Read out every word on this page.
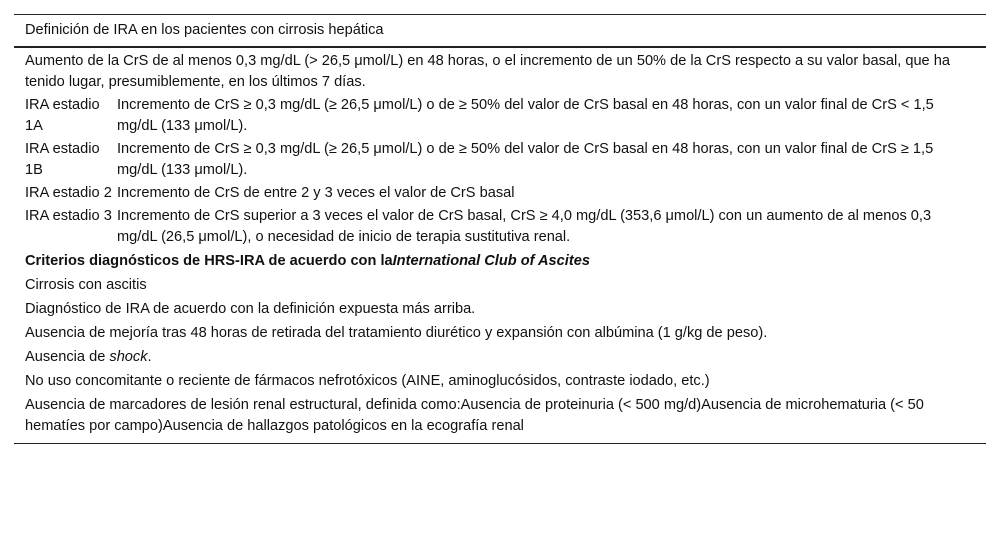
Definición de IRA en los pacientes con cirrosis hepática
Aumento de la CrS de al menos 0,3 mg/dL (> 26,5 μmol/L) en 48 horas, o el incremento de un 50% de la CrS respecto a su valor basal, que ha tenido lugar, presumiblemente, en los últimos 7 días.
IRA estadio 1A
Incremento de CrS ≥ 0,3 mg/dL (≥ 26,5 μmol/L) o de ≥ 50% del valor de CrS basal en 48 horas, con un valor final de CrS < 1,5 mg/dL (133 μmol/L).
IRA estadio 1B
Incremento de CrS ≥ 0,3 mg/dL (≥ 26,5 μmol/L) o de ≥ 50% del valor de CrS basal en 48 horas, con un valor final de CrS ≥ 1,5 mg/dL (133 μmol/L).
IRA estadio 2 Incremento de CrS de entre 2 y 3 veces el valor de CrS basal
IRA estadio 3 Incremento de CrS superior a 3 veces el valor de CrS basal, CrS ≥ 4,0 mg/dL (353,6 μmol/L) con un aumento de al menos 0,3 mg/dL (26,5 μmol/L), o necesidad de inicio de terapia sustitutiva renal.
Criterios diagnósticos de HRS-IRA de acuerdo con laInternational Club of Ascites
Cirrosis con ascitis
Diagnóstico de IRA de acuerdo con la definición expuesta más arriba.
Ausencia de mejoría tras 48 horas de retirada del tratamiento diurético y expansión con albúmina (1 g/kg de peso).
Ausencia de shock.
No uso concomitante o reciente de fármacos nefrotóxicos (AINE, aminoglucósidos, contraste iodado, etc.)
Ausencia de marcadores de lesión renal estructural, definida como:Ausencia de proteinuria (< 500 mg/d)Ausencia de microhematuria (< 50 hematíes por campo)Ausencia de hallazgos patológicos en la ecografía renal
